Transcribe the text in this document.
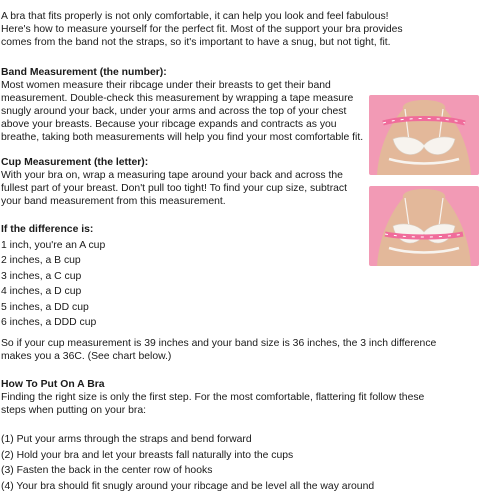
A bra that fits properly is not only comfortable, it can help you look and feel fabulous!
Here's how to measure yourself for the perfect fit. Most of the support your bra provides
comes from the band not the straps, so it's important to have a snug, but not tight, fit.
Band Measurement (the number):
Most women measure their ribcage under their breasts to get their band
measurement. Double-check this measurement by wrapping a tape measure
snugly around your back, under your arms and across the top of your chest
above your breasts. Because your ribcage expands and contracts as you
breathe, taking both measurements will help you find your most comfortable fit.
Cup Measurement (the letter):
With your bra on, wrap a measuring tape around your back and across the
fullest part of your breast. Don't pull too tight! To find your cup size, subtract
your band measurement from this measurement.
If the difference is:
1 inch, you're an A cup
2 inches, a B cup
3 inches, a C cup
4 inches, a D cup
5 inches, a DD cup
6 inches, a DDD cup
So if your cup measurement is 39 inches and your band size is 36 inches, the 3 inch difference
makes you a 36C. (See chart below.)
How To Put On A Bra
Finding the right size is only the first step. For the most comfortable, flattering fit follow these
steps when putting on your bra:
(1) Put your arms through the straps and bend forward
(2) Hold your bra and let your breasts fall naturally into the cups
(3) Fasten the back in the center row of hooks
(4) Your bra should fit snugly around your ribcage and be level all the way around
